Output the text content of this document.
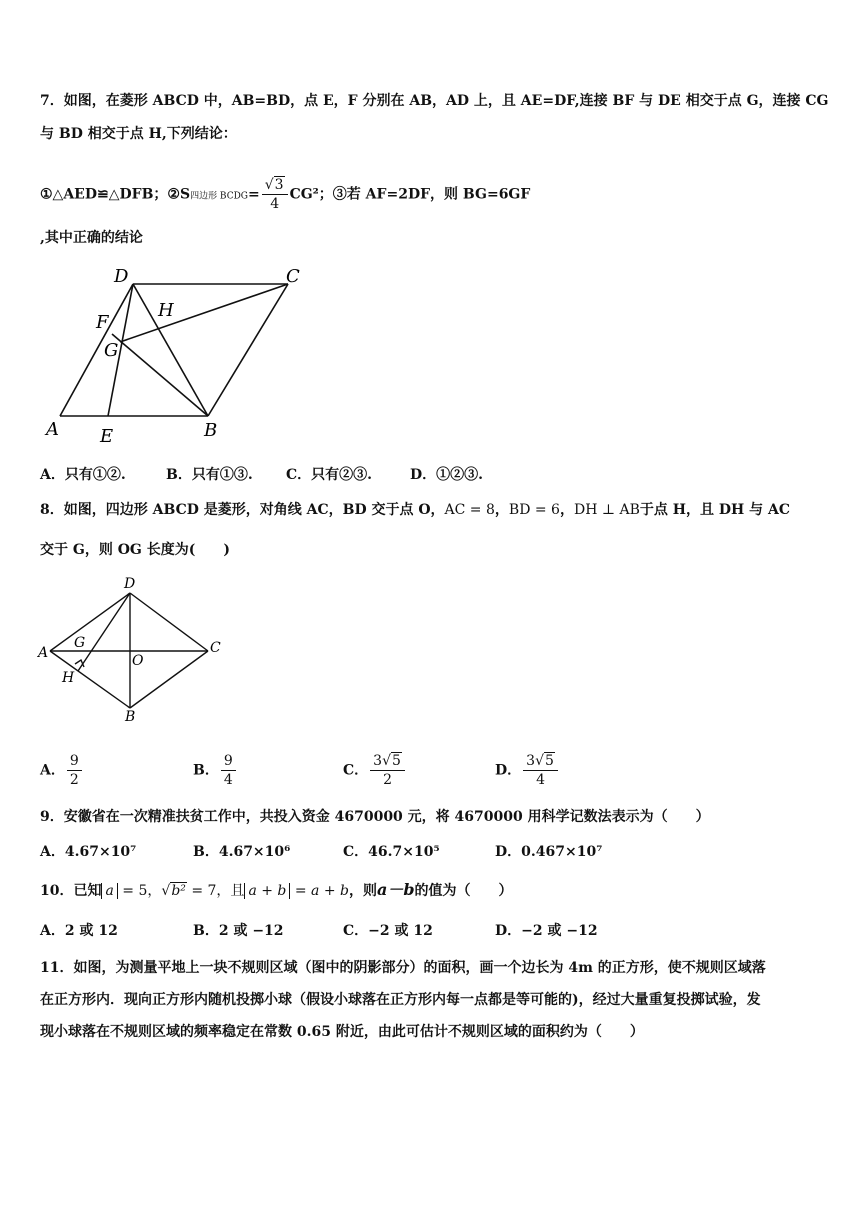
7．如图，在菱形 ABCD 中，AB=BD，点 E，F 分别在 AB，AD 上，且 AE=DF,连接 BF 与 DE 相交于点 G，连接 CG
与 BD 相交于点 H,下列结论：
①△AED≌△DFB；②S四边形 BCDG= $\frac{√3}{4} CG^2$；③若 AF=2DF，则 BG=6GF
,其中正确的结论
D	C
F
H
G
A E	B
A．只有①②.	B．只有①③. C．只有②③.	D．①②③.
8．如图，四边形 ABCD 是菱形，对角线 AC，BD 交于点 O，AC = 8，BD = 6，DH ⊥ AB于点 H，且 DH 与 AC
交于 G，则 OG 长度为(　　)
D
A
G
O
C
H
B
A． $\frac{9}{2}$	B． $\frac{9}{4}$	C． $\frac{3√5}{2}$	D． $\frac{3√5}{4}$
9．安徽省在一次精准扶贫工作中，共投入资金 4670000 元，将 4670000 用科学记数法表示为（　　）
A．4.67×10⁷	B．4.67×10⁶	C．46.7×10⁵	D．0.467×10⁷
10．已知 a = 5，√b² = 7，且 a + b = a + b，则a－b的值为（　　）
A．2 或 12	B．2 或 −12	C．−2 或 12	D．−2 或 −12
11．如图，为测量平地上一块不规则区域（图中的阴影部分）的面积，画一个边长为 4m 的正方形，使不规则区域落
在正方形内．现向正方形内随机投掷小球（假设小球落在正方形内每一点都是等可能的)，经过大量重复投掷试验，发
现小球落在不规则区域的频率稳定在常数 0.65 附近，由此可估计不规则区域的面积约为（　　）
